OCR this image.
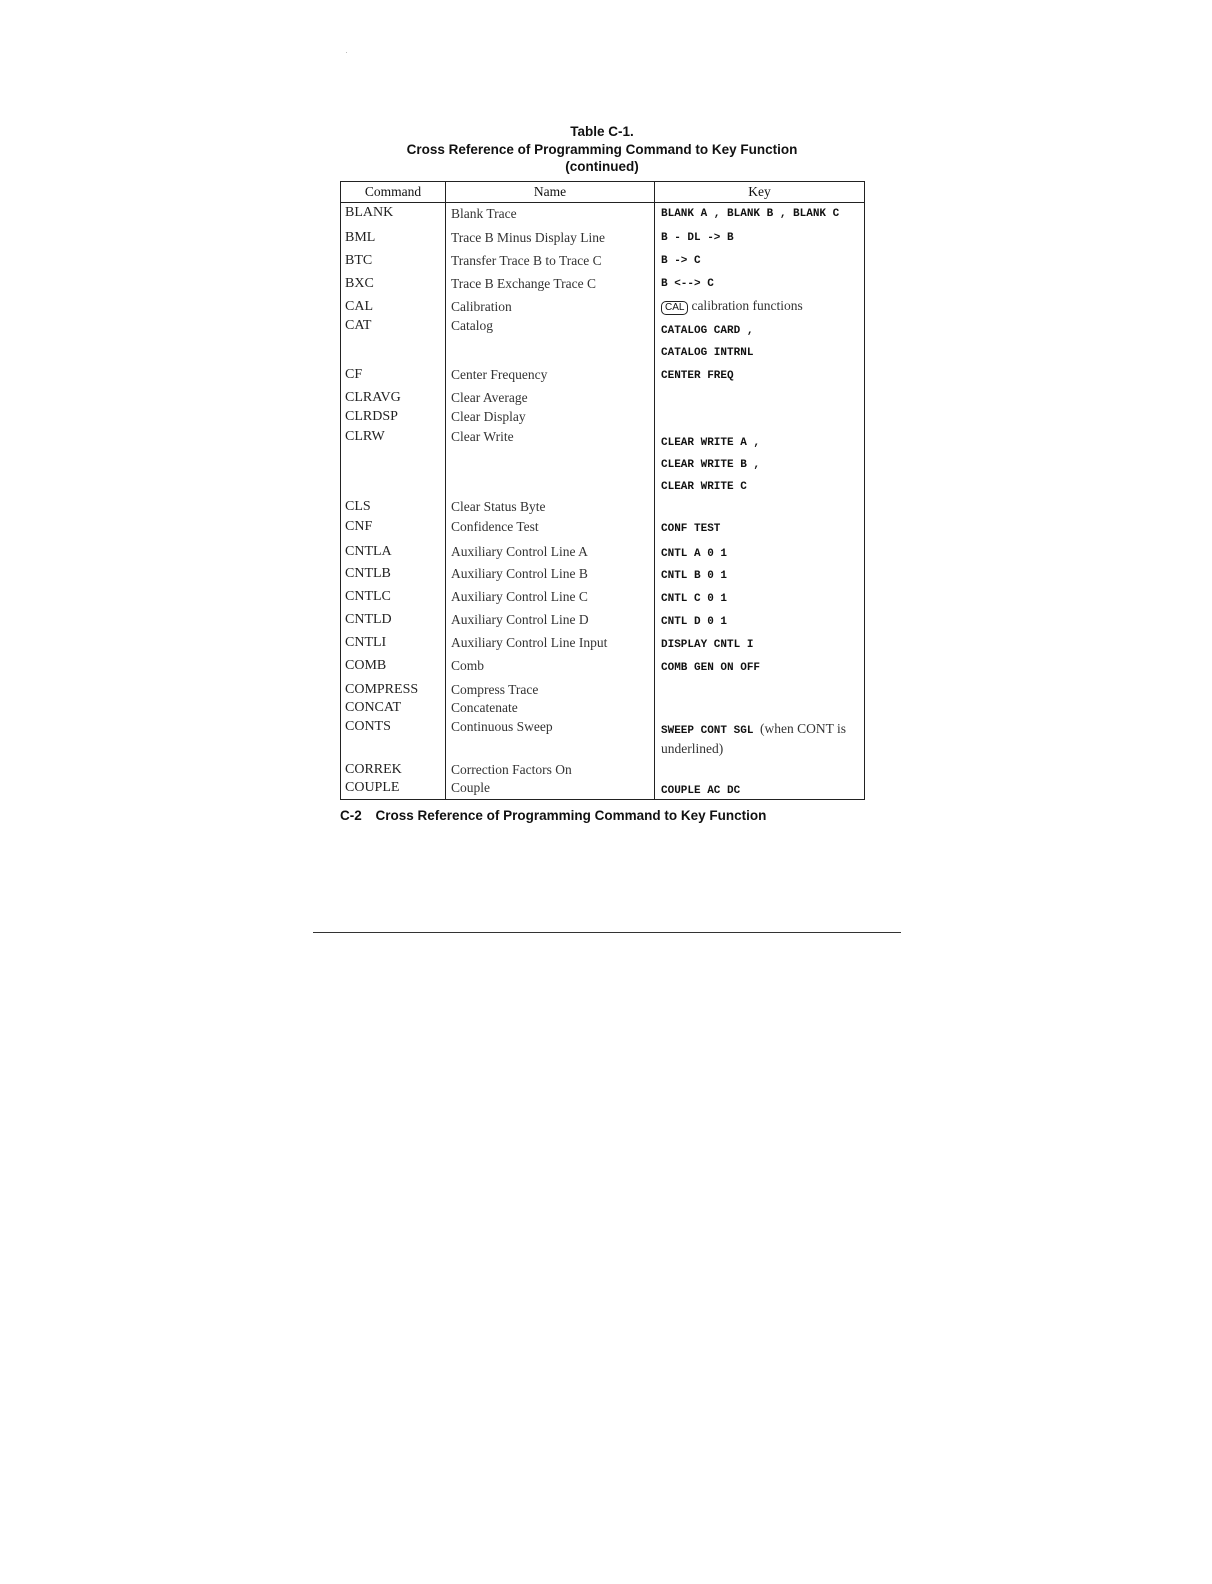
Table C-1.
Cross Reference of Programming Command to Key Function
(continued)
Command	Name	Key
BLANK	Blank Trace	BLANK A , BLANK B , BLANK C

BML	Trace B Minus Display Line	B - DL -> B

BTC	Transfer Trace B to Trace C	B -> C

BXC	Trace B Exchange Trace C	B <--> C

CAL	Calibration	CAL calibration functions
CAT	Catalog	CATALOG CARD ,
CATALOG INTRNL

CF	Center Frequency	CENTER FREQ

CLRAVG	Clear Average	
CLRDSP	Clear Display	
CLRW	Clear Write	CLEAR WRITE A ,
CLEAR WRITE B ,
CLEAR WRITE C

CLS	Clear Status Byte	
CNF	Confidence Test	CONF TEST

CNTLA	Auxiliary Control Line A	CNTL A 0 1

CNTLB	Auxiliary Control Line B	CNTL B 0 1

CNTLC	Auxiliary Control Line C	CNTL C 0 1

CNTLD	Auxiliary Control Line D	CNTL D 0 1

CNTLI	Auxiliary Control Line Input	DISPLAY CNTL I

COMB	Comb	COMB GEN ON OFF

COMPRESS	Compress Trace	
CONCAT	Concatenate	
CONTS	Continuous Sweep	SWEEP CONT SGL (when CONT is underlined)

CORREK	Correction Factors On	
COUPLE	Couple	COUPLE AC DC
C-2 Cross Reference of Programming Command to Key Function
